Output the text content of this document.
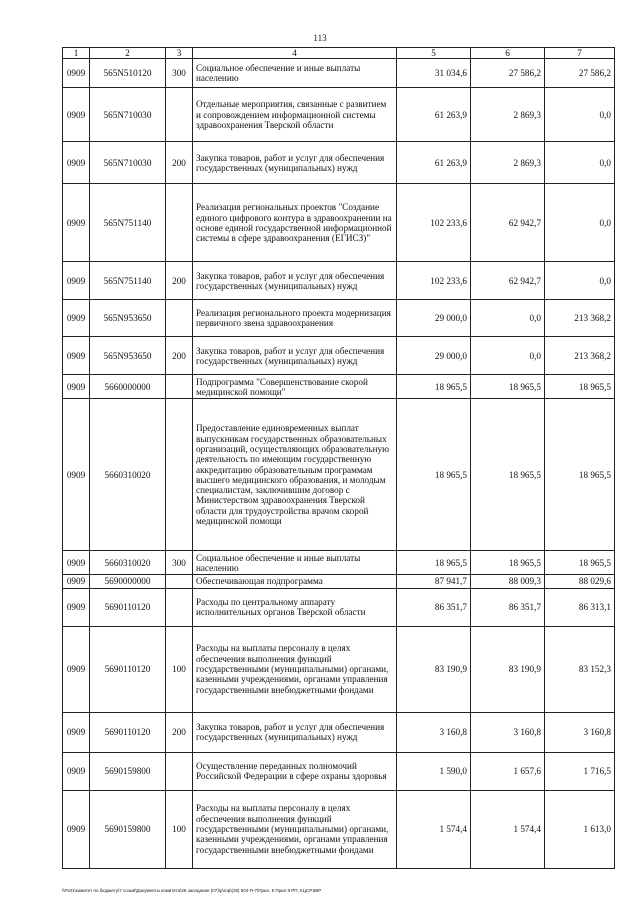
113
1	2	3	4	5	6	7
0909	565N510120	300	Социальное обеспечение и иные выплаты населению	31 034,6	27 586,2	27 586,2
0909	565N710030		Отдельные мероприятия, связанные с развитием и сопровождением информационной системы здравоохранения Тверской области	61 263,9	2 869,3	0,0
0909	565N710030	200	Закупка товаров, работ и услуг для обеспечения государственных (муниципальных) нужд	61 263,9	2 869,3	0,0
0909	565N751140		Реализация региональных проектов "Создание единого цифрового контура в здравоохранении на основе единой государственной информационной системы в сфере здравоохранения (ЕГИСЗ)"	102 233,6	62 942,7	0,0
0909	565N751140	200	Закупка товаров, работ и услуг для обеспечения государственных (муниципальных) нужд	102 233,6	62 942,7	0,0
0909	565N953650		Реализация регионального проекта модернизация первичного звена здравоохранения	29 000,0	0,0	213 368,2
0909	565N953650	200	Закупка товаров, работ и услуг для обеспечения государственных (муниципальных) нужд	29 000,0	0,0	213 368,2
0909	5660000000		Подпрограмма "Совершенствование скорой медицинской помощи"	18 965,5	18 965,5	18 965,5
0909	5660310020		Предоставление единовременных выплат выпускникам государственных образовательных организаций, осуществляющих образовательную деятельность по имеющим государственную аккредитацию образовательным программам высшего медицинского образования, и молодым специалистам, заключившим договор с Министерством здравоохранения Тверской области для трудоустройства врачом скорой медицинской помощи	18 965,5	18 965,5	18 965,5
0909	5660310020	300	Социальное обеспечение и иные выплаты населению	18 965,5	18 965,5	18 965,5
0909	5690000000		Обеспечивающая подпрограмма	87 941,7	88 009,3	88 029,6
0909	5690110120		Расходы по центральному аппарату исполнительных органов Тверской области	86 351,7	86 351,7	86 313,1
0909	5690110120	100	Расходы на выплаты персоналу в целях обеспечения выполнения функций государственными (муниципальными) органами, казенными учреждениями, органами управления государственными внебюджетными фондами	83 190,9	83 190,9	83 152,3
0909	5690110120	200	Закупка товаров, работ и услуг для обеспечения государственных (муниципальных) нужд	3 160,8	3 160,8	3 160,8
0909	5690159800		Осуществление переданных полномочий Российской Федерации в сфере охраны здоровья	1 590,0	1 657,6	1 716,5
0909	5690159800	100	Расходы на выплаты персоналу в целях обеспечения выполнения функций государственными (муниципальными) органами, казенными учреждениями, органами управления государственными внебюджетными фондами	1 574,4	1 574,4	1 613,0
\\Fs01\комитет по бюджету\7 созыв\Документы комитета\28 заседание (07)\р\гор\(28) 504-П-7\Прил. 5 Прил 8 РП, КЦСР,КВР
